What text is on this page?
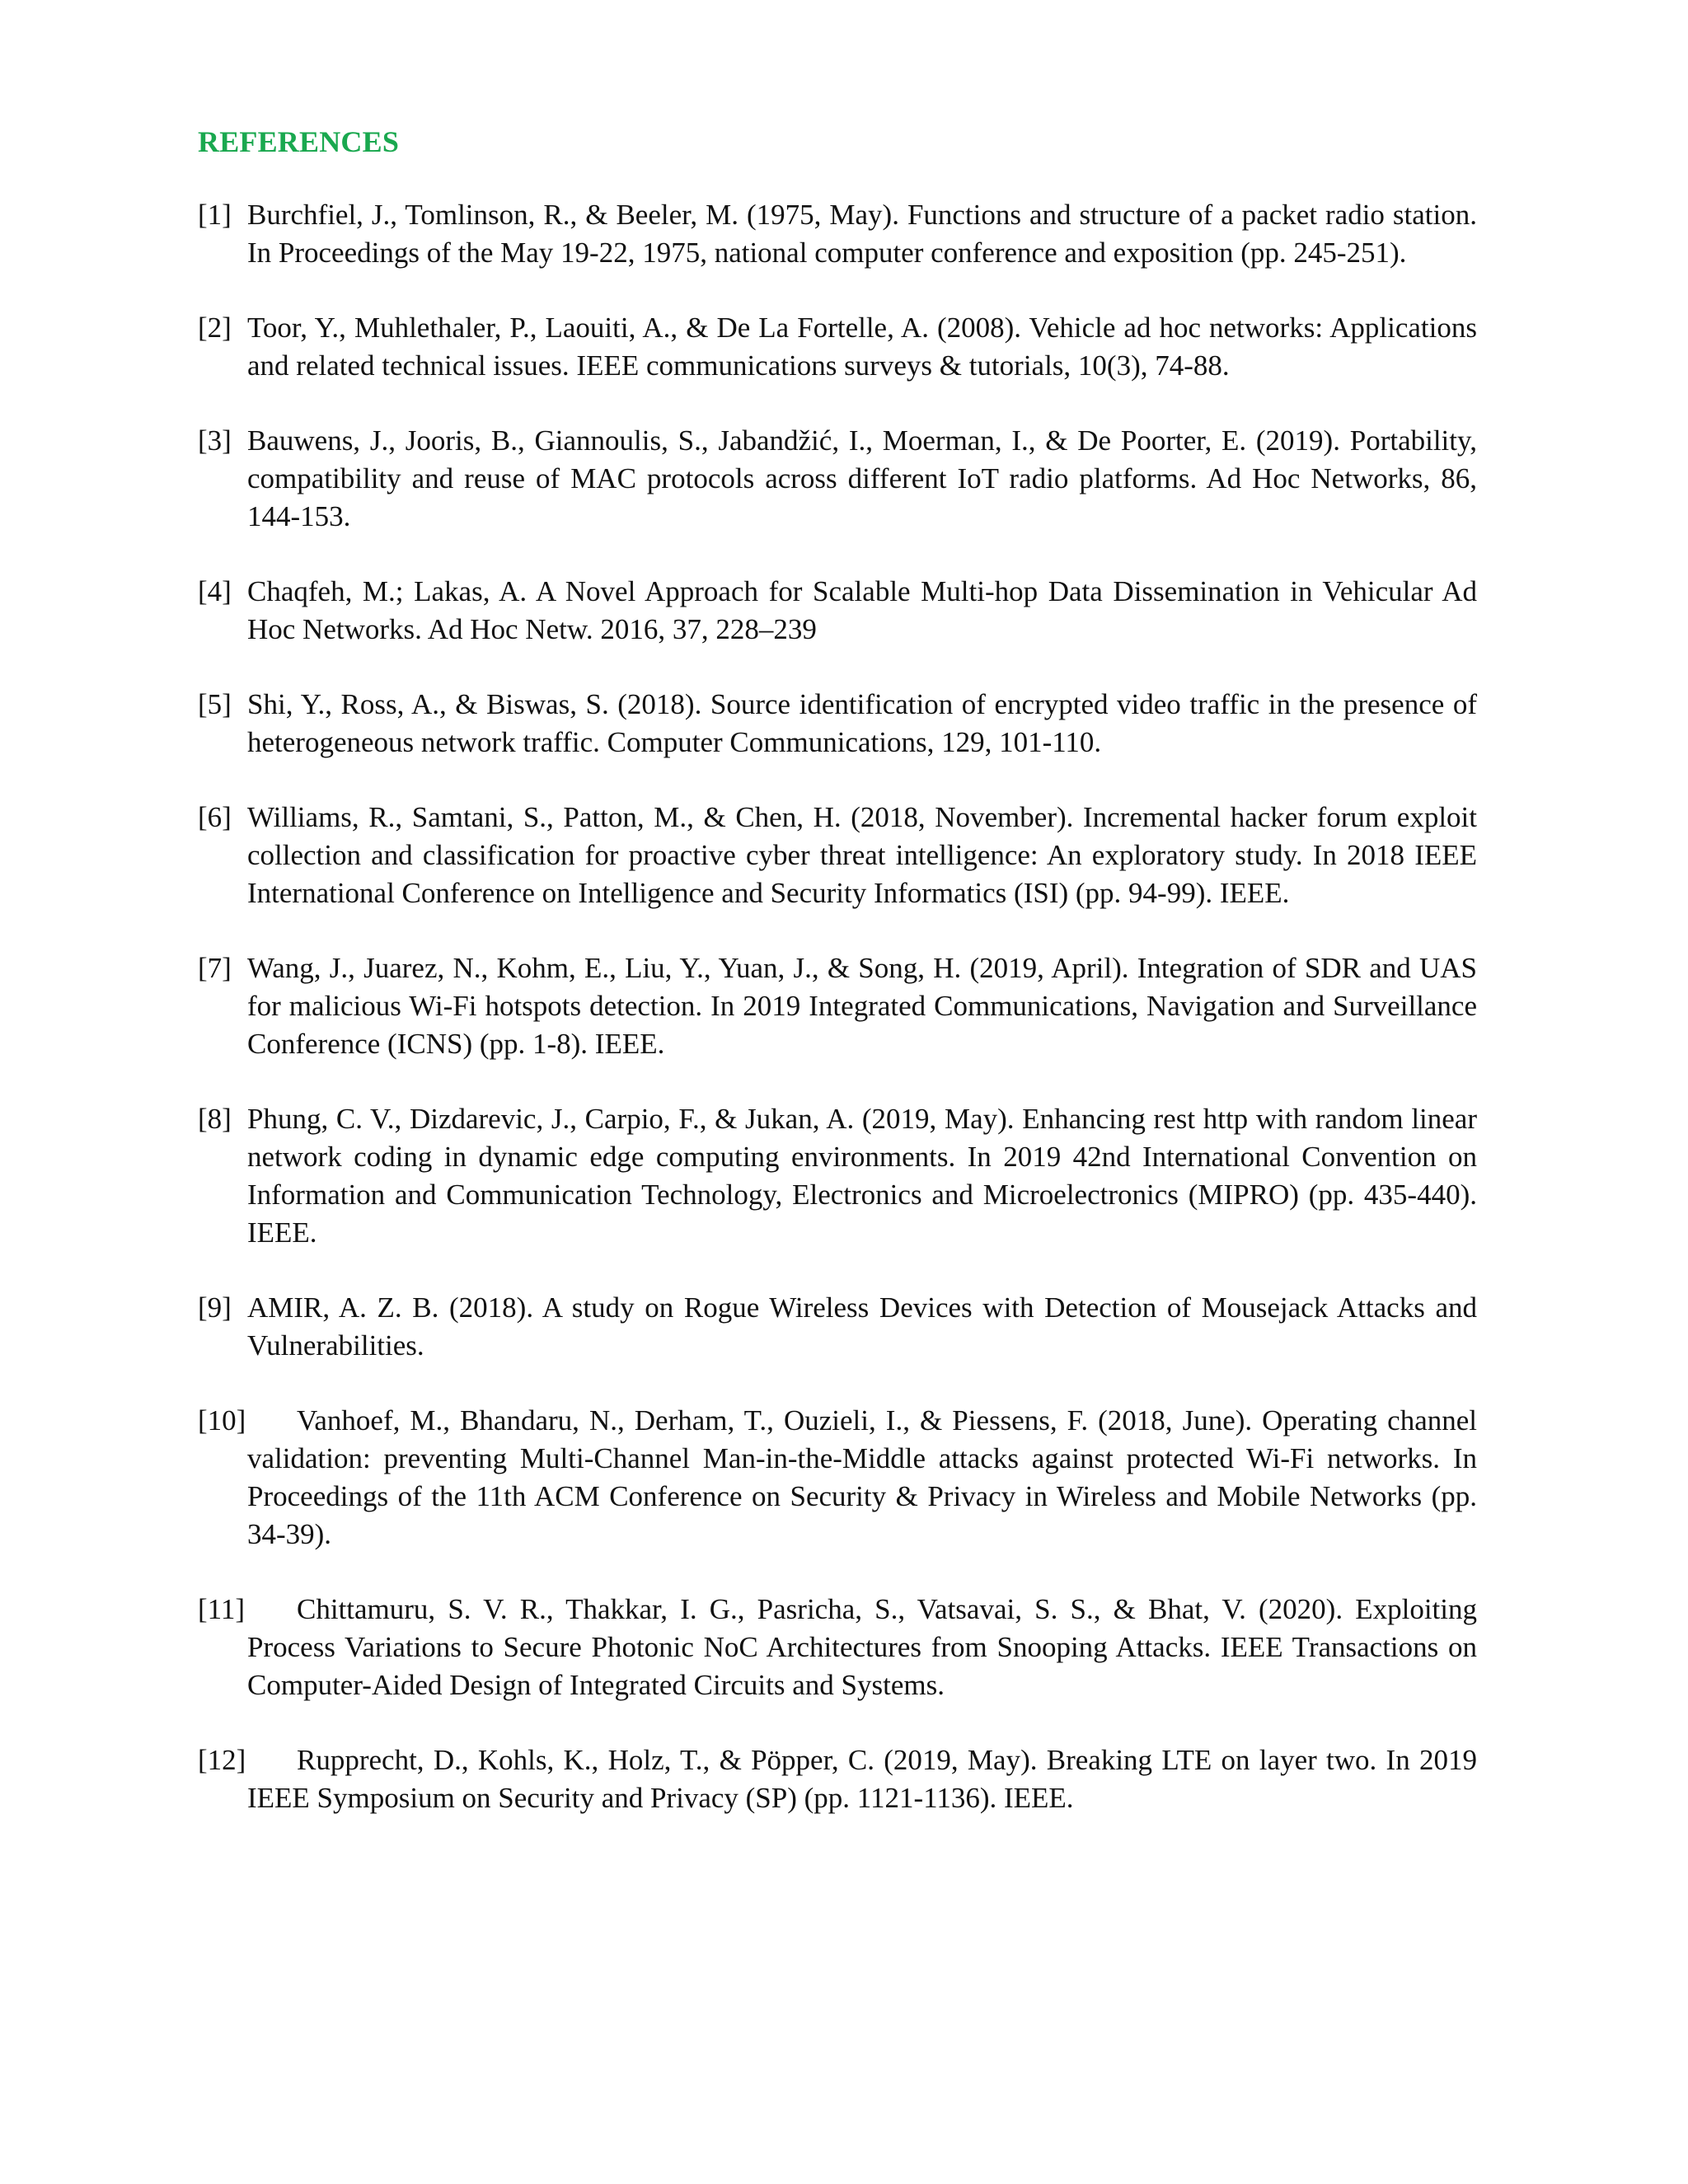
REFERENCES
[1] Burchfiel, J., Tomlinson, R., & Beeler, M. (1975, May). Functions and structure of a packet radio station. In Proceedings of the May 19-22, 1975, national computer conference and exposition (pp. 245-251).
[2] Toor, Y., Muhlethaler, P., Laouiti, A., & De La Fortelle, A. (2008). Vehicle ad hoc networks: Applications and related technical issues. IEEE communications surveys & tutorials, 10(3), 74-88.
[3] Bauwens, J., Jooris, B., Giannoulis, S., Jabandžić, I., Moerman, I., & De Poorter, E. (2019). Portability, compatibility and reuse of MAC protocols across different IoT radio platforms. Ad Hoc Networks, 86, 144-153.
[4] Chaqfeh, M.; Lakas, A. A Novel Approach for Scalable Multi-hop Data Dissemination in Vehicular Ad Hoc Networks. Ad Hoc Netw. 2016, 37, 228–239
[5] Shi, Y., Ross, A., & Biswas, S. (2018). Source identification of encrypted video traffic in the presence of heterogeneous network traffic. Computer Communications, 129, 101-110.
[6] Williams, R., Samtani, S., Patton, M., & Chen, H. (2018, November). Incremental hacker forum exploit collection and classification for proactive cyber threat intelligence: An exploratory study. In 2018 IEEE International Conference on Intelligence and Security Informatics (ISI) (pp. 94-99). IEEE.
[7] Wang, J., Juarez, N., Kohm, E., Liu, Y., Yuan, J., & Song, H. (2019, April). Integration of SDR and UAS for malicious Wi-Fi hotspots detection. In 2019 Integrated Communications, Navigation and Surveillance Conference (ICNS) (pp. 1-8). IEEE.
[8] Phung, C. V., Dizdarevic, J., Carpio, F., & Jukan, A. (2019, May). Enhancing rest http with random linear network coding in dynamic edge computing environments. In 2019 42nd International Convention on Information and Communication Technology, Electronics and Microelectronics (MIPRO) (pp. 435-440). IEEE.
[9] AMIR, A. Z. B. (2018). A study on Rogue Wireless Devices with Detection of Mousejack Attacks and Vulnerabilities.
[10]	Vanhoef, M., Bhandaru, N., Derham, T., Ouzieli, I., & Piessens, F. (2018, June). Operating channel validation: preventing Multi-Channel Man-in-the-Middle attacks against protected Wi-Fi networks. In Proceedings of the 11th ACM Conference on Security & Privacy in Wireless and Mobile Networks (pp. 34-39).
[11]	Chittamuru, S. V. R., Thakkar, I. G., Pasricha, S., Vatsavai, S. S., & Bhat, V. (2020). Exploiting Process Variations to Secure Photonic NoC Architectures from Snooping Attacks. IEEE Transactions on Computer-Aided Design of Integrated Circuits and Systems.
[12]	Rupprecht, D., Kohls, K., Holz, T., & Pöpper, C. (2019, May). Breaking LTE on layer two. In 2019 IEEE Symposium on Security and Privacy (SP) (pp. 1121-1136). IEEE.
